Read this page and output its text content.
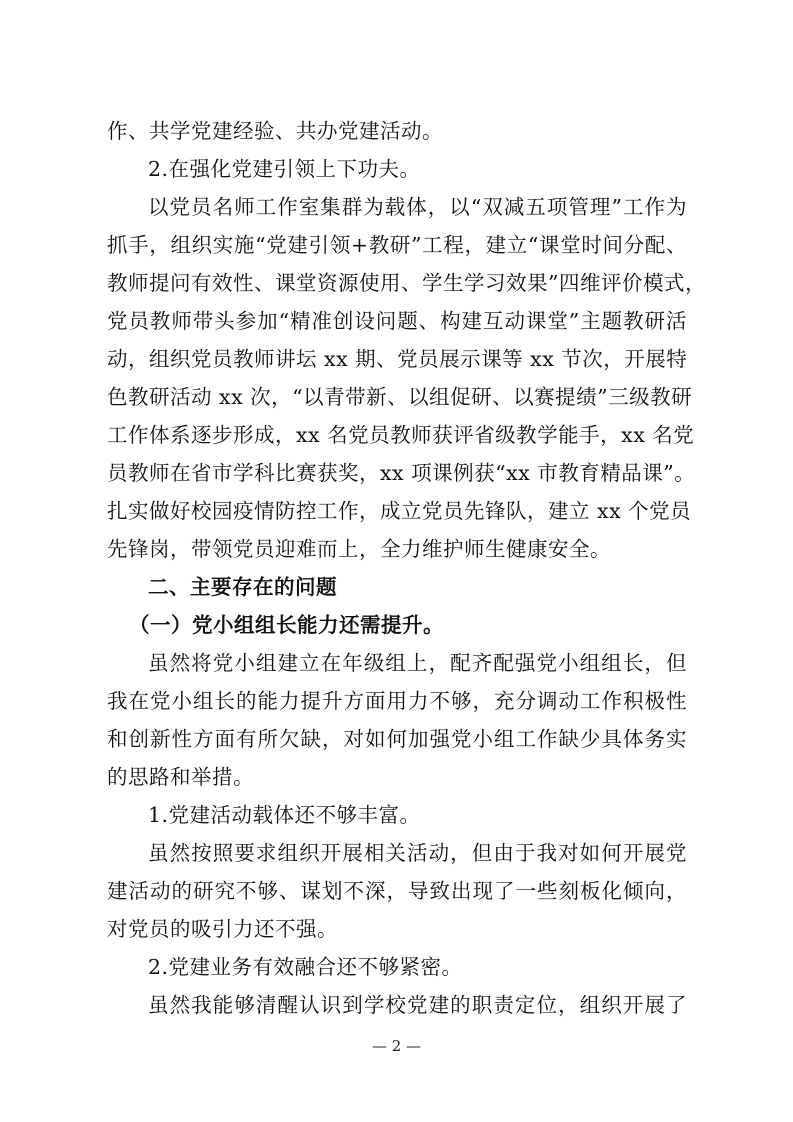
作、共学党建经验、共办党建活动。
2.在强化党建引领上下功夫。
以党员名师工作室集群为载体，以“双减五项管理”工作为
抓手，组织实施“党建引领+教研”工程，建立“课堂时间分配、
教师提问有效性、课堂资源使用、学生学习效果”四维评价模式，
党员教师带头参加“精准创设问题、构建互动课堂”主题教研活
动，组织党员教师讲坛 xx 期、党员展示课等 xx 节次，开展特
色教研活动 xx 次，“以青带新、以组促研、以赛提绩”三级教研
工作体系逐步形成，xx 名党员教师获评省级教学能手，xx 名党
员教师在省市学科比赛获奖，xx 项课例获“xx 市教育精品课”。
扎实做好校园疫情防控工作，成立党员先锋队，建立 xx 个党员
先锋岗，带领党员迎难而上，全力维护师生健康安全。
二、主要存在的问题
（一）党小组组长能力还需提升。
虽然将党小组建立在年级组上，配齐配强党小组组长，但
我在党小组长的能力提升方面用力不够，充分调动工作积极性
和创新性方面有所欠缺，对如何加强党小组工作缺少具体务实
的思路和举措。
1.党建活动载体还不够丰富。
虽然按照要求组织开展相关活动，但由于我对如何开展党
建活动的研究不够、谋划不深，导致出现了一些刻板化倾向，
对党员的吸引力还不强。
2.党建业务有效融合还不够紧密。
虽然我能够清醒认识到学校党建的职责定位，组织开展了
— 2 —
